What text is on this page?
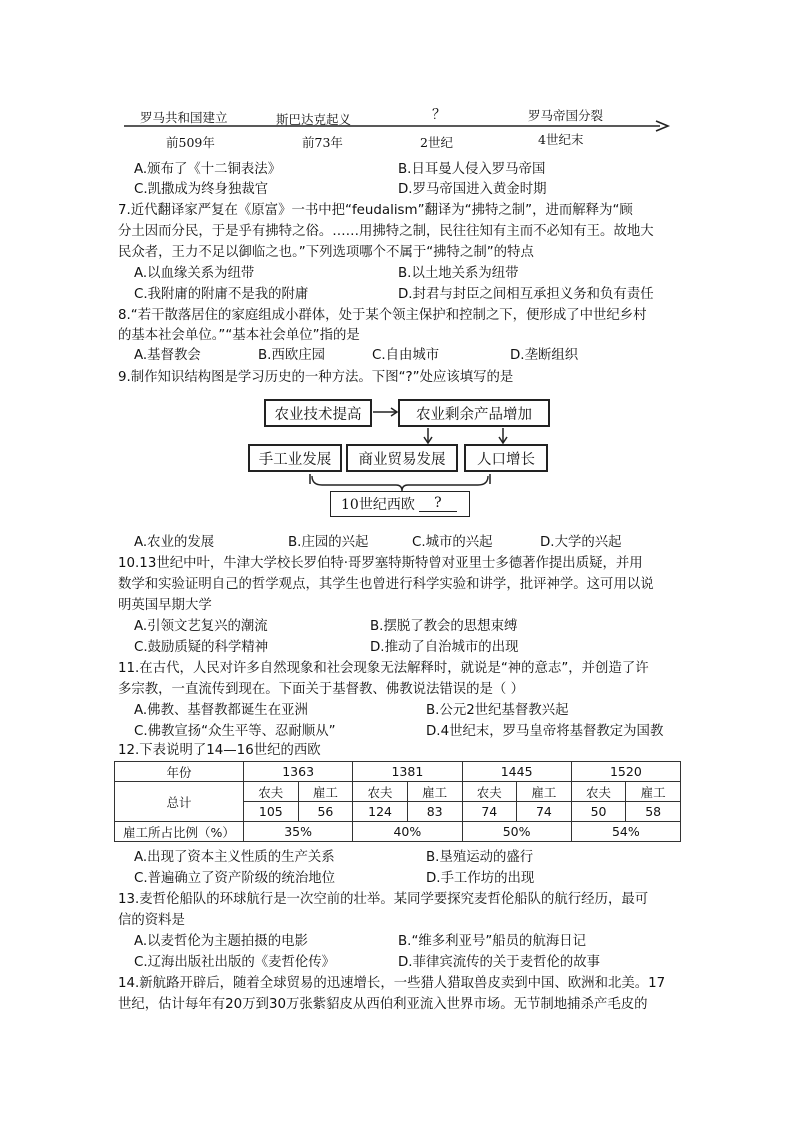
罗马共和国建立	斯巴达克起义	？	罗马帝国分裂
前509年	前73年	2世纪	4世纪末
A.颁布了《十二铜表法》	B.日耳曼人侵入罗马帝国
C.凯撒成为终身独裁官	D.罗马帝国进入黄金时期
7.近代翻译家严复在《原富》一书中把“feudalism”翻译为“拂特之制”，进而解释为“顾
分土因而分民，于是乎有拂特之俗。……用拂特之制，民往往知有主而不必知有王。故地大
民众者，王力不足以御临之也。”下列选项哪个不属于“拂特之制”的特点
A.以血缘关系为纽带	B.以土地关系为纽带
C.我附庸的附庸不是我的附庸	D.封君与封臣之间相互承担义务和负有责任
8.“若干散落居住的家庭组成小群体，处于某个领主保护和控制之下，便形成了中世纪乡村
的基本社会单位。”“基本社会单位”指的是
A.基督教会	B.西欧庄园	C.自由城市	D.垄断组织
9.制作知识结构图是学习历史的一种方法。下图“?”处应该填写的是
农业技术提高	农业剩余产品增加
手工业发展	商业贸易发展	人口增长
10世纪西欧	?
A.农业的发展	B.庄园的兴起	C.城市的兴起	D.大学的兴起
10.13世纪中叶，牛津大学校长罗伯特·哥罗塞特斯特曾对亚里士多德著作提出质疑，并用
数学和实验证明自己的哲学观点，其学生也曾进行科学实验和讲学，批评神学。这可用以说
明英国早期大学
A.引领文艺复兴的潮流	B.摆脱了教会的思想束缚
C.鼓励质疑的科学精神	D.推动了自治城市的出现
11.在古代，人民对许多自然现象和社会现象无法解释时，就说是“神的意志”，并创造了许
多宗教，一直流传到现在。下面关于基督教、佛教说法错误的是（ ）
A.佛教、基督教都诞生在亚洲	B.公元2世纪基督教兴起
C.佛教宣扬“众生平等、忍耐顺从”	D.4世纪末，罗马皇帝将基督教定为国教
12.下表说明了14—16世纪的西欧
年份	1363		1381		1445		1520	
总计	农夫	雇工	农夫	雇工	农夫	雇工	农夫	雇工
	105	56	124	83	74	74	50	58
雇工所占比例（%）	35%		40%		50%		54%	
A.出现了资本主义性质的生产关系	B.垦殖运动的盛行
C.普遍确立了资产阶级的统治地位	D.手工作坊的出现
13.麦哲伦船队的环球航行是一次空前的壮举。某同学要探究麦哲伦船队的航行经历，最可
信的资料是
A.以麦哲伦为主题拍摄的电影	B.“维多利亚号”船员的航海日记
C.辽海出版社出版的《麦哲伦传》	D.菲律宾流传的关于麦哲伦的故事
14.新航路开辟后，随着全球贸易的迅速增长，一些猎人猎取兽皮卖到中国、欧洲和北美。17
世纪，估计每年有20万到30万张紫貂皮从西伯利亚流入世界市场。无节制地捕杀产毛皮的
